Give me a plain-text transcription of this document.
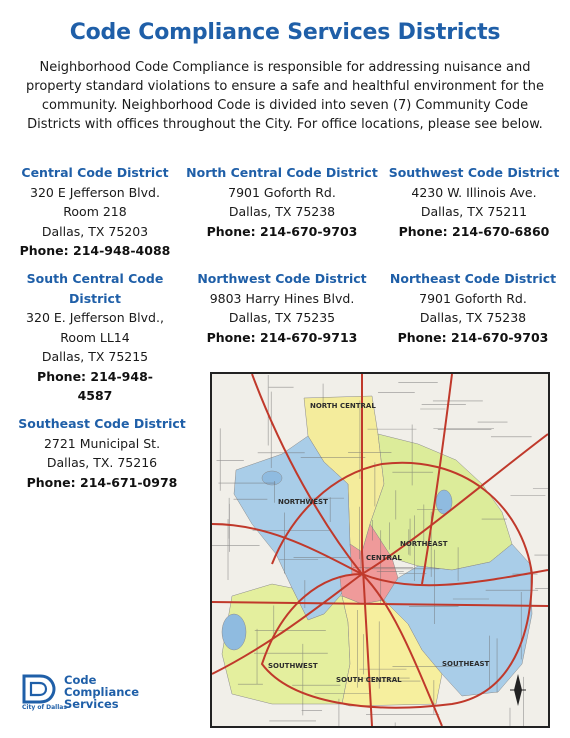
Code Compliance Services Districts
Neighborhood Code Compliance is responsible for addressing nuisance and property standard violations to ensure a safe and healthful environment for the community. Neighborhood Code is divided into seven (7) Community Code Districts with offices throughout the City. For office locations, please see below.
Central Code District
320 E Jefferson Blvd.
Room 218
Dallas, TX 75203
Phone: 214-948-4088
North Central Code District
7901 Goforth Rd.
Dallas, TX 75238
Phone: 214-670-9703
Southwest Code District
4230 W. Illinois Ave.
Dallas, TX 75211
Phone: 214-670-6860
South Central Code District
320 E. Jefferson Blvd.,
Room LL14
Dallas, TX 75215
Phone: 214-948-4587
Northwest Code District
9803 Harry Hines Blvd.
Dallas, TX 75235
Phone: 214-670-9713
Northeast Code District
7901 Goforth Rd.
Dallas, TX 75238
Phone: 214-670-9703
Southeast Code District
2721 Municipal St.
Dallas, TX. 75216
Phone: 214-671-0978
NORTH CENTRAL
NORTHWEST
NORTHEAST
CENTRAL
SOUTHWEST
SOUTH CENTRAL
SOUTHEAST
Code
Compliance
Services
City of Dallas
